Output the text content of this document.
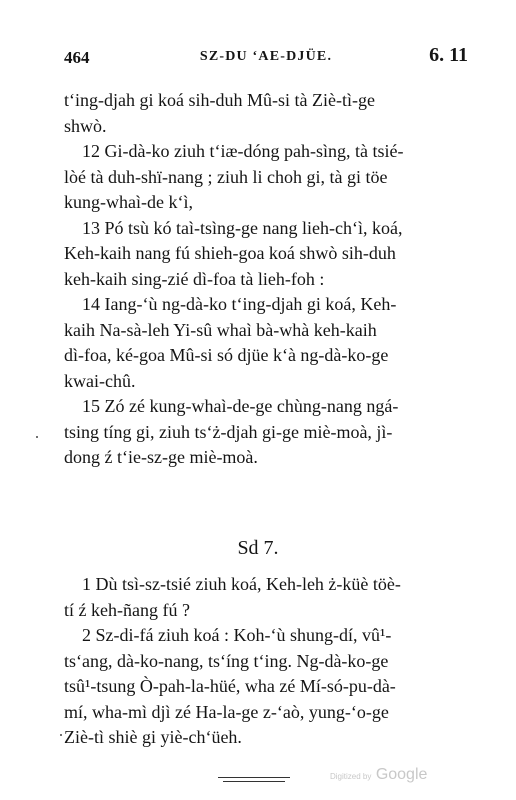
464	SZ-DU ‘AE-DJÜE.	6. 11
t‘ing-djah gi koá sih-duh Mû-si tà Ziè-tì-ge
shwò.
12 Gi-dà-ko ziuh t‘iæ-dóng pah-sìng, tà tsié-
lòé tà duh-shï-nang ; ziuh li choh gi, tà gi töe
kung-whaì-de k‘ì,
13 Pó tsù kó taì-tsìng-ge nang lieh-ch‘ì, koá,
Keh-kaih nang fú shieh-goa koá shwò sih-duh
keh-kaih sing-zié dì-foa tà lieh-foh :
14 Iang-‘ù ng-dà-ko t‘ing-djah gi koá, Keh-
kaih Na-sà-leh Yi-sû whaì bà-whà keh-kaih
dì-foa, ké-goa Mû-si só djüe k‘à ng-dà-ko-ge
kwai-chû.
15 Zó zé kung-whaì-de-ge chùng-nang ngá-
tsing tíng gi, ziuh ts‘ż-djah gi-ge miè-moà, jì-
dong ź t‘ie-sz-ge miè-moà.
Sd 7.
1 Dù tsì-sz-tsié ziuh koá, Keh-leh ż-küè töè-
tí ź keh-ñang fú ?
2 Sz-di-fá ziuh koá : Koh-‘ù shung-dí, vû¹-
ts‘ang, dà-ko-nang, ts‘íng t‘ing. Ng-dà-ko-ge
tsû¹-tsung Ò-pah-la-hüé, wha zé Mí-só-pu-dà-
mí, wha-mì djì zé Ha-la-ge z-‘aò, yung-‘o-ge
Ziè-tì shiè gi yiè-ch‘üeh.
Digitized by Google
